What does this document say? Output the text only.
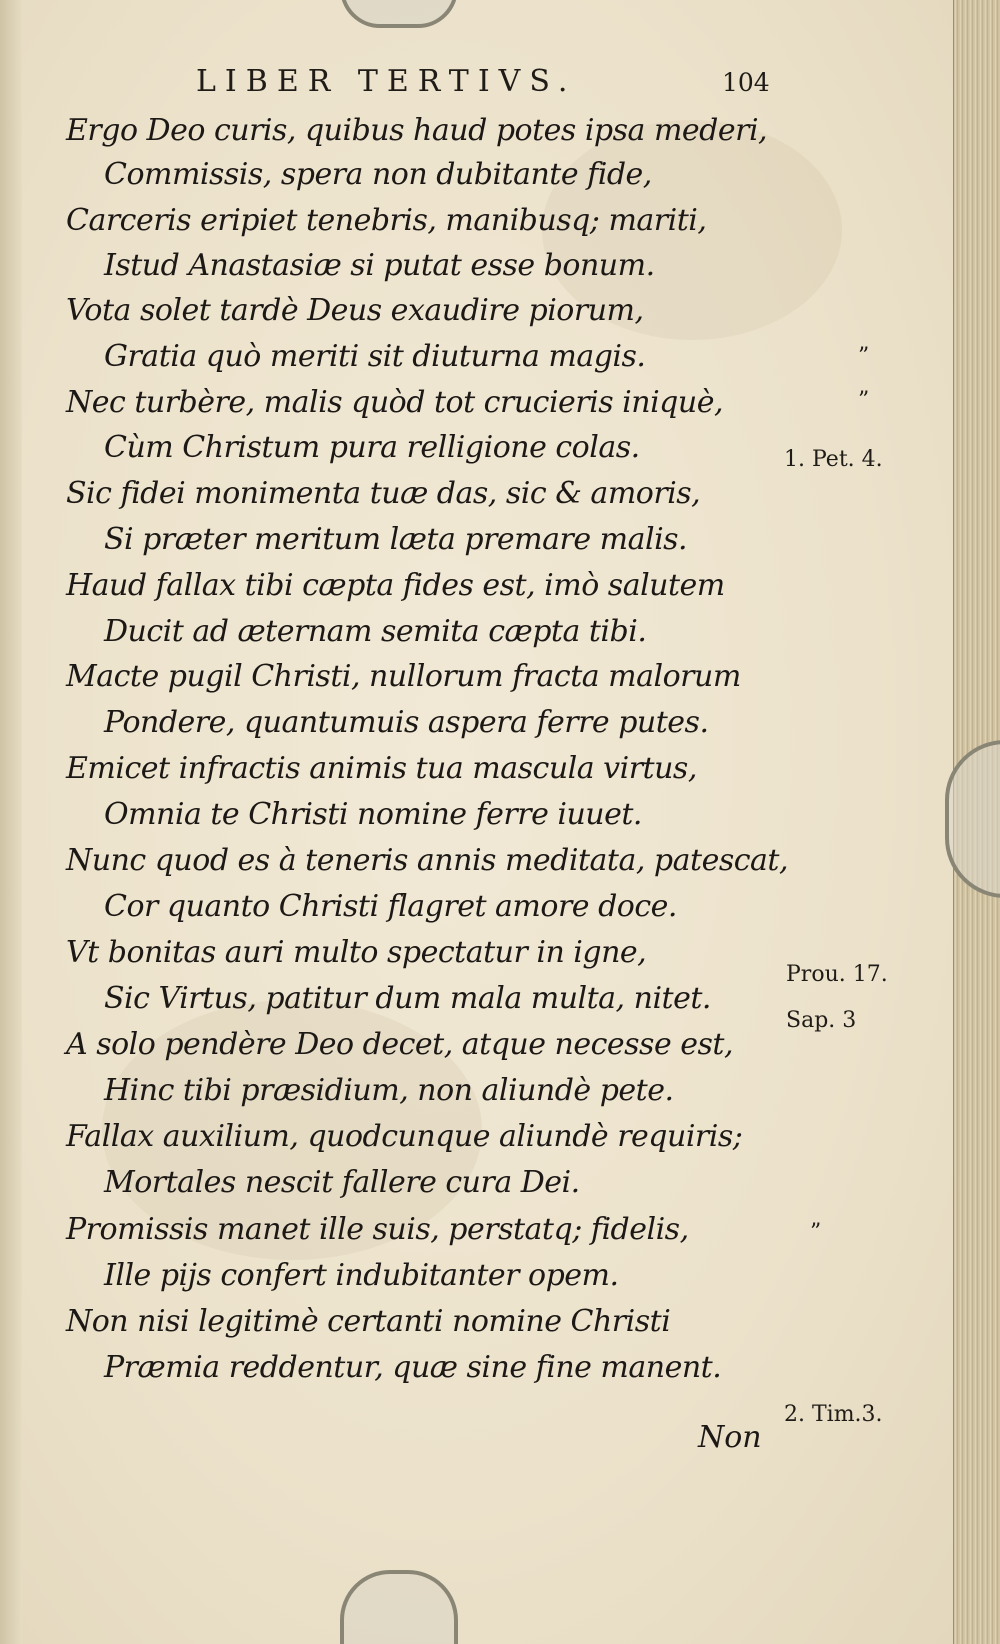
LIBER TERTIVS.	104
Ergo Deo curis, quibus haud potes ipsa mederi,
Commissis, spera non dubitante fide,
Carceris eripiet tenebris, manibusq; mariti,
Istud Anastasiæ si putat esse bonum.
Vota solet tardè Deus exaudire piorum,
Gratia quò meriti sit diuturna magis.
Nec turbère, malis quòd tot crucieris iniquè,
Cùm Christum pura relligione colas.
Sic fidei monimenta tuæ das, sic & amoris,
Si præter meritum læta premare malis.
Haud fallax tibi cæpta fides est, imò salutem
Ducit ad æternam semita cæpta tibi.
Macte pugil Christi, nullorum fracta malorum
Pondere, quantumuis aspera ferre putes.
Emicet infractis animis tua mascula virtus,
Omnia te Christi nomine ferre iuuet.
Nunc quod es à teneris annis meditata, patescat,
Cor quanto Christi flagret amore doce.
Vt bonitas auri multo spectatur in igne,
Sic Virtus, patitur dum mala multa, nitet.
A solo pendère Deo decet, atque necesse est,
Hinc tibi præsidium, non aliundè pete.
Fallax auxilium, quodcunque aliundè requiris;
Mortales nescit fallere cura Dei.
Promissis manet ille suis, perstatq; fidelis,
Ille pijs confert indubitanter opem.
Non nisi legitimè certanti nomine Christi
Præmia reddentur, quæ sine fine manent.
”
”
1. Pet. 4.
Prou. 17.
Sap. 3
”
2. Tim.3.
Non
